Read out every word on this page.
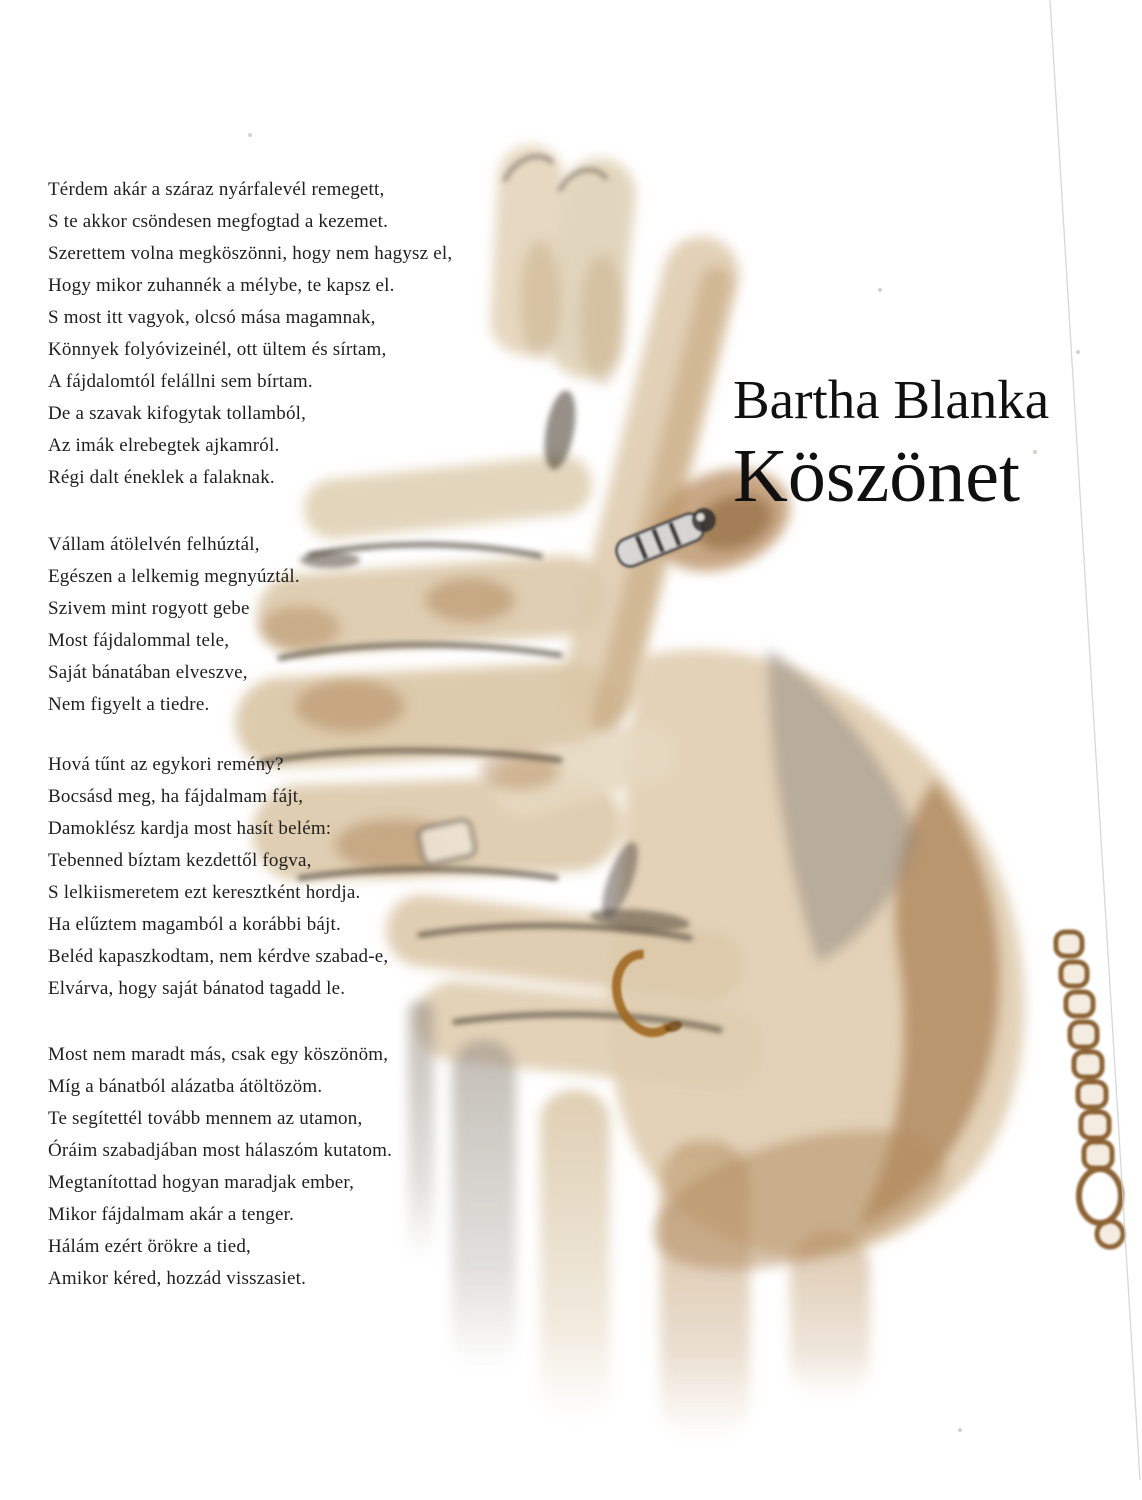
Térdem akár a száraz nyárfalevél remegett,
S te akkor csöndesen megfogtad a kezemet.
Szerettem volna megköszönni, hogy nem hagysz el,
Hogy mikor zuhannék a mélybe, te kapsz el.
S most itt vagyok, olcsó mása magamnak,
Könnyek folyóvizeinél, ott ültem és sírtam,
A fájdalomtól felállni sem bírtam.
De a szavak kifogytak tollamból,
Az imák elrebegtek ajkamról.
Régi dalt éneklek a falaknak.
Vállam átölelvén felhúztál,
Egészen a lelkemig megnyúztál.
Szivem mint rogyott gebe
Most fájdalommal tele,
Saját bánatában elveszve,
Nem figyelt a tiedre.
Hová tűnt az egykori remény?
Bocsásd meg, ha fájdalmam fájt,
Damoklész kardja most hasít belém:
Tebenned bíztam kezdettől fogva,
S lelkiismeretem ezt keresztként hordja.
Ha elűztem magamból a korábbi bájt.
Beléd kapaszkodtam, nem kérdve szabad-e,
Elvárva, hogy saját bánatod tagadd le.
Most nem maradt más, csak egy köszönöm,
Míg a bánatból alázatba átöltözöm.
Te segítettél tovább mennem az utamon,
Óráim szabadjában most hálaszóm kutatom.
Megtanítottad hogyan maradjak ember,
Mikor fájdalmam akár a tenger.
Hálám ezért örökre a tied,
Amikor kéred, hozzád visszasiet.
Bartha Blanka
Köszönet
